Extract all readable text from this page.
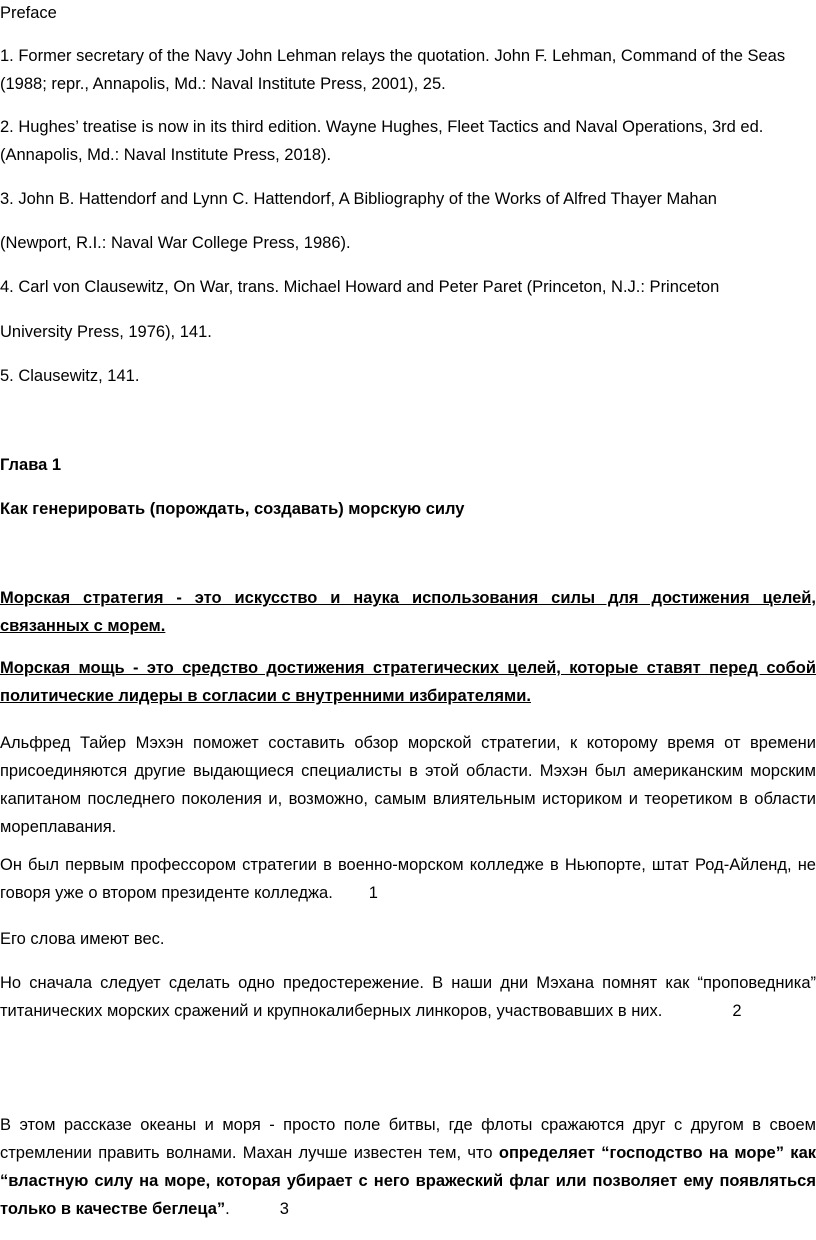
Preface

1. Former secretary of the Navy John Lehman relays the quotation. John F. Lehman, Command of the Seas (1988; repr., Annapolis, Md.: Naval Institute Press, 2001), 25.

2. Hughes’ treatise is now in its third edition. Wayne Hughes, Fleet Tactics and Naval Operations, 3rd ed. (Annapolis, Md.: Naval Institute Press, 2018).

3. John B. Hattendorf and Lynn C. Hattendorf, A Bibliography of the Works of Alfred Thayer Mahan

(Newport, R.I.: Naval War College Press, 1986).

4. Carl von Clausewitz, On War, trans. Michael Howard and Peter Paret (Princeton, N.J.: Princeton

University Press, 1976), 141.

5. Clausewitz, 141.

Глава 1

Как генерировать (порождать, создавать) морскую силу

Морская стратегия - это искусство и наука использования силы для достижения целей, связанных с морем.

Морская мощь - это средство достижения стратегических целей, которые ставят перед собой политические лидеры в согласии с внутренними избирателями.

Альфред Тайер Мэхэн поможет составить обзор морской стратегии, к которому время от времени присоединяются другие выдающиеся специалисты в этой области. Мэхэн был американским морским капитаном последнего поколения и, возможно, самым влиятельным историком и теоретиком в области мореплавания.

Он был первым профессором стратегии в военно-морском колледже в Ньюпорте, штат Род-Айленд, не говоря уже о втором президенте колледжа. 1

Его слова имеют вес.

Но сначала следует сделать одно предостережение. В наши дни Мэхана помнят как “проповедника” титанических морских сражений и крупнокалиберных линкоров, участвовавших в них.	2

В этом рассказе океаны и моря - просто поле битвы, где флоты сражаются друг с другом в своем стремлении править волнами. Махан лучше известен тем, что определяет “господство на море” как “властную силу на море, которая убирает с него вражеский флаг или позволяет ему появляться только в качестве беглеца”.	3
